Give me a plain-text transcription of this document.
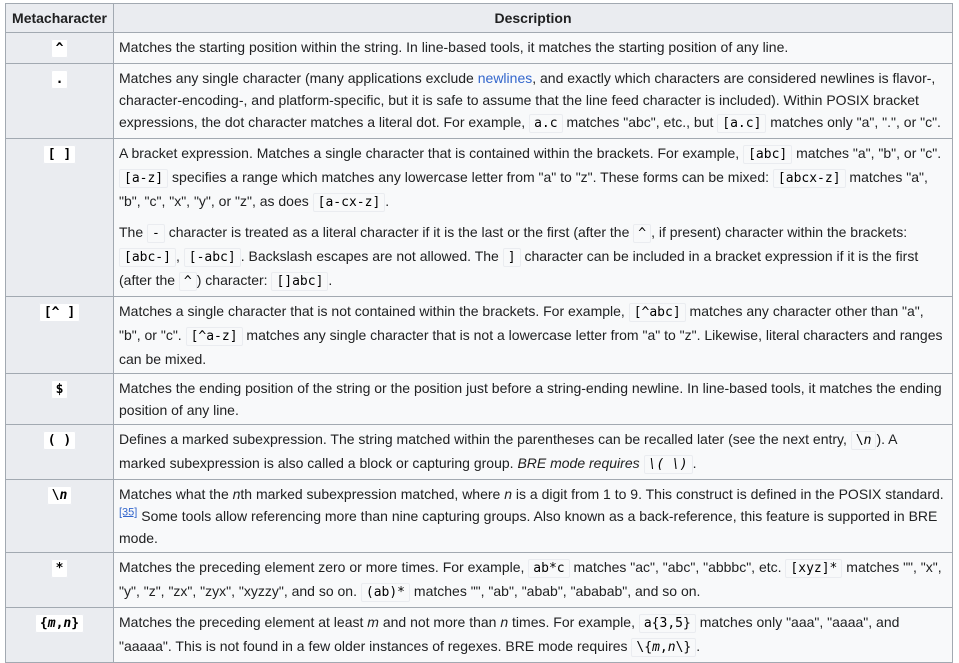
Metacharacter	Description
^	Matches the starting position within the string. In line-based tools, it matches the starting position of any line.
.	Matches any single character (many applications exclude newlines, and exactly which characters are considered newlines is flavor-, character-encoding-, and platform-specific, but it is safe to assume that the line feed character is included). Within POSIX bracket expressions, the dot character matches a literal dot. For example, a.c matches "abc", etc., but [a.c] matches only "a", ".", or "c".
[ ]	A bracket expression. Matches a single character that is contained within the brackets. For example, [abc] matches "a", "b", or "c". [a-z] specifies a range which matches any lowercase letter from "a" to "z". These forms can be mixed: [abcx-z] matches "a", "b", "c", "x", "y", or "z", as does [a-cx-z] .

The - character is treated as a literal character if it is the last or the first (after the ^ , if present) character within the brackets: [abc-] , [-abc] . Backslash escapes are not allowed. The ] character can be included in a bracket expression if it is the first (after the ^ ) character: []abc] .

[^ ]	Matches a single character that is not contained within the brackets. For example, [^abc] matches any character other than "a", "b", or "c". [^a-z] matches any single character that is not a lowercase letter from "a" to "z". Likewise, literal characters and ranges can be mixed.
$	Matches the ending position of the string or the position just before a string-ending newline. In line-based tools, it matches the ending position of any line.
( )	Defines a marked subexpression. The string matched within the parentheses can be recalled later (see the next entry, \n ). A marked subexpression is also called a block or capturing group. BRE mode requires \( \) .
\n	Matches what the nth marked subexpression matched, where n is a digit from 1 to 9. This construct is defined in the POSIX standard.[35] Some tools allow referencing more than nine capturing groups. Also known as a back-reference, this feature is supported in BRE mode.
*	Matches the preceding element zero or more times. For example, ab*c matches "ac", "abc", "abbbc", etc. [xyz]* matches "", "x", "y", "z", "zx", "zyx", "xyzzy", and so on. (ab)* matches "", "ab", "abab", "ababab", and so on.
{m,n}	Matches the preceding element at least m and not more than n times. For example, a{3,5} matches only "aaa", "aaaa", and "aaaaa". This is not found in a few older instances of regexes. BRE mode requires \{m,n\} .
